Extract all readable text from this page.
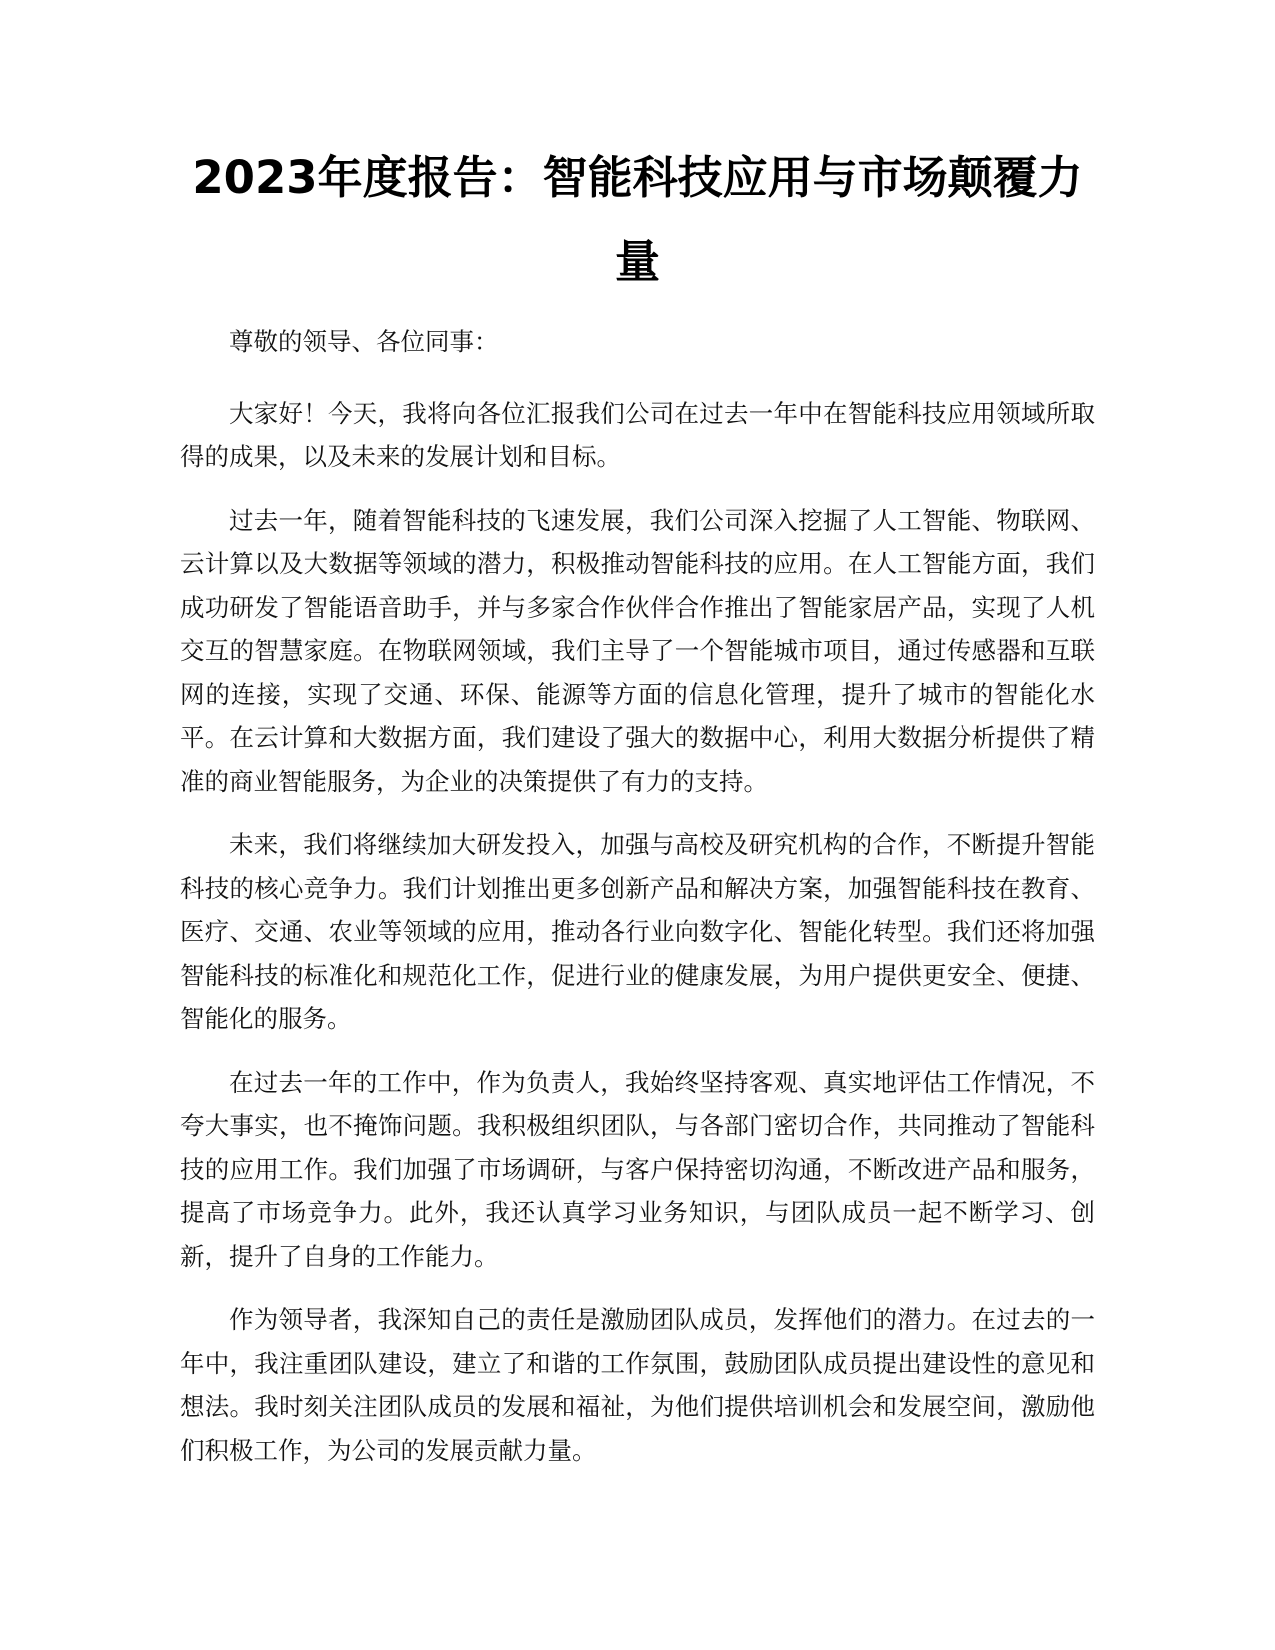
2023年度报告：智能科技应用与市场颠覆力量

尊敬的领导、各位同事：

大家好！今天，我将向各位汇报我们公司在过去一年中在智能科技应用领域所取得的成果，以及未来的发展计划和目标。

过去一年，随着智能科技的飞速发展，我们公司深入挖掘了人工智能、物联网、云计算以及大数据等领域的潜力，积极推动智能科技的应用。在人工智能方面，我们成功研发了智能语音助手，并与多家合作伙伴合作推出了智能家居产品，实现了人机交互的智慧家庭。在物联网领域，我们主导了一个智能城市项目，通过传感器和互联网的连接，实现了交通、环保、能源等方面的信息化管理，提升了城市的智能化水平。在云计算和大数据方面，我们建设了强大的数据中心，利用大数据分析提供了精准的商业智能服务，为企业的决策提供了有力的支持。

未来，我们将继续加大研发投入，加强与高校及研究机构的合作，不断提升智能科技的核心竞争力。我们计划推出更多创新产品和解决方案，加强智能科技在教育、医疗、交通、农业等领域的应用，推动各行业向数字化、智能化转型。我们还将加强智能科技的标准化和规范化工作，促进行业的健康发展，为用户提供更安全、便捷、智能化的服务。

在过去一年的工作中，作为负责人，我始终坚持客观、真实地评估工作情况，不夸大事实，也不掩饰问题。我积极组织团队，与各部门密切合作，共同推动了智能科技的应用工作。我们加强了市场调研，与客户保持密切沟通，不断改进产品和服务，提高了市场竞争力。此外，我还认真学习业务知识，与团队成员一起不断学习、创新，提升了自身的工作能力。

作为领导者，我深知自己的责任是激励团队成员，发挥他们的潜力。在过去的一年中，我注重团队建设，建立了和谐的工作氛围，鼓励团队成员提出建设性的意见和想法。我时刻关注团队成员的发展和福祉，为他们提供培训机会和发展空间，激励他们积极工作，为公司的发展贡献力量。
